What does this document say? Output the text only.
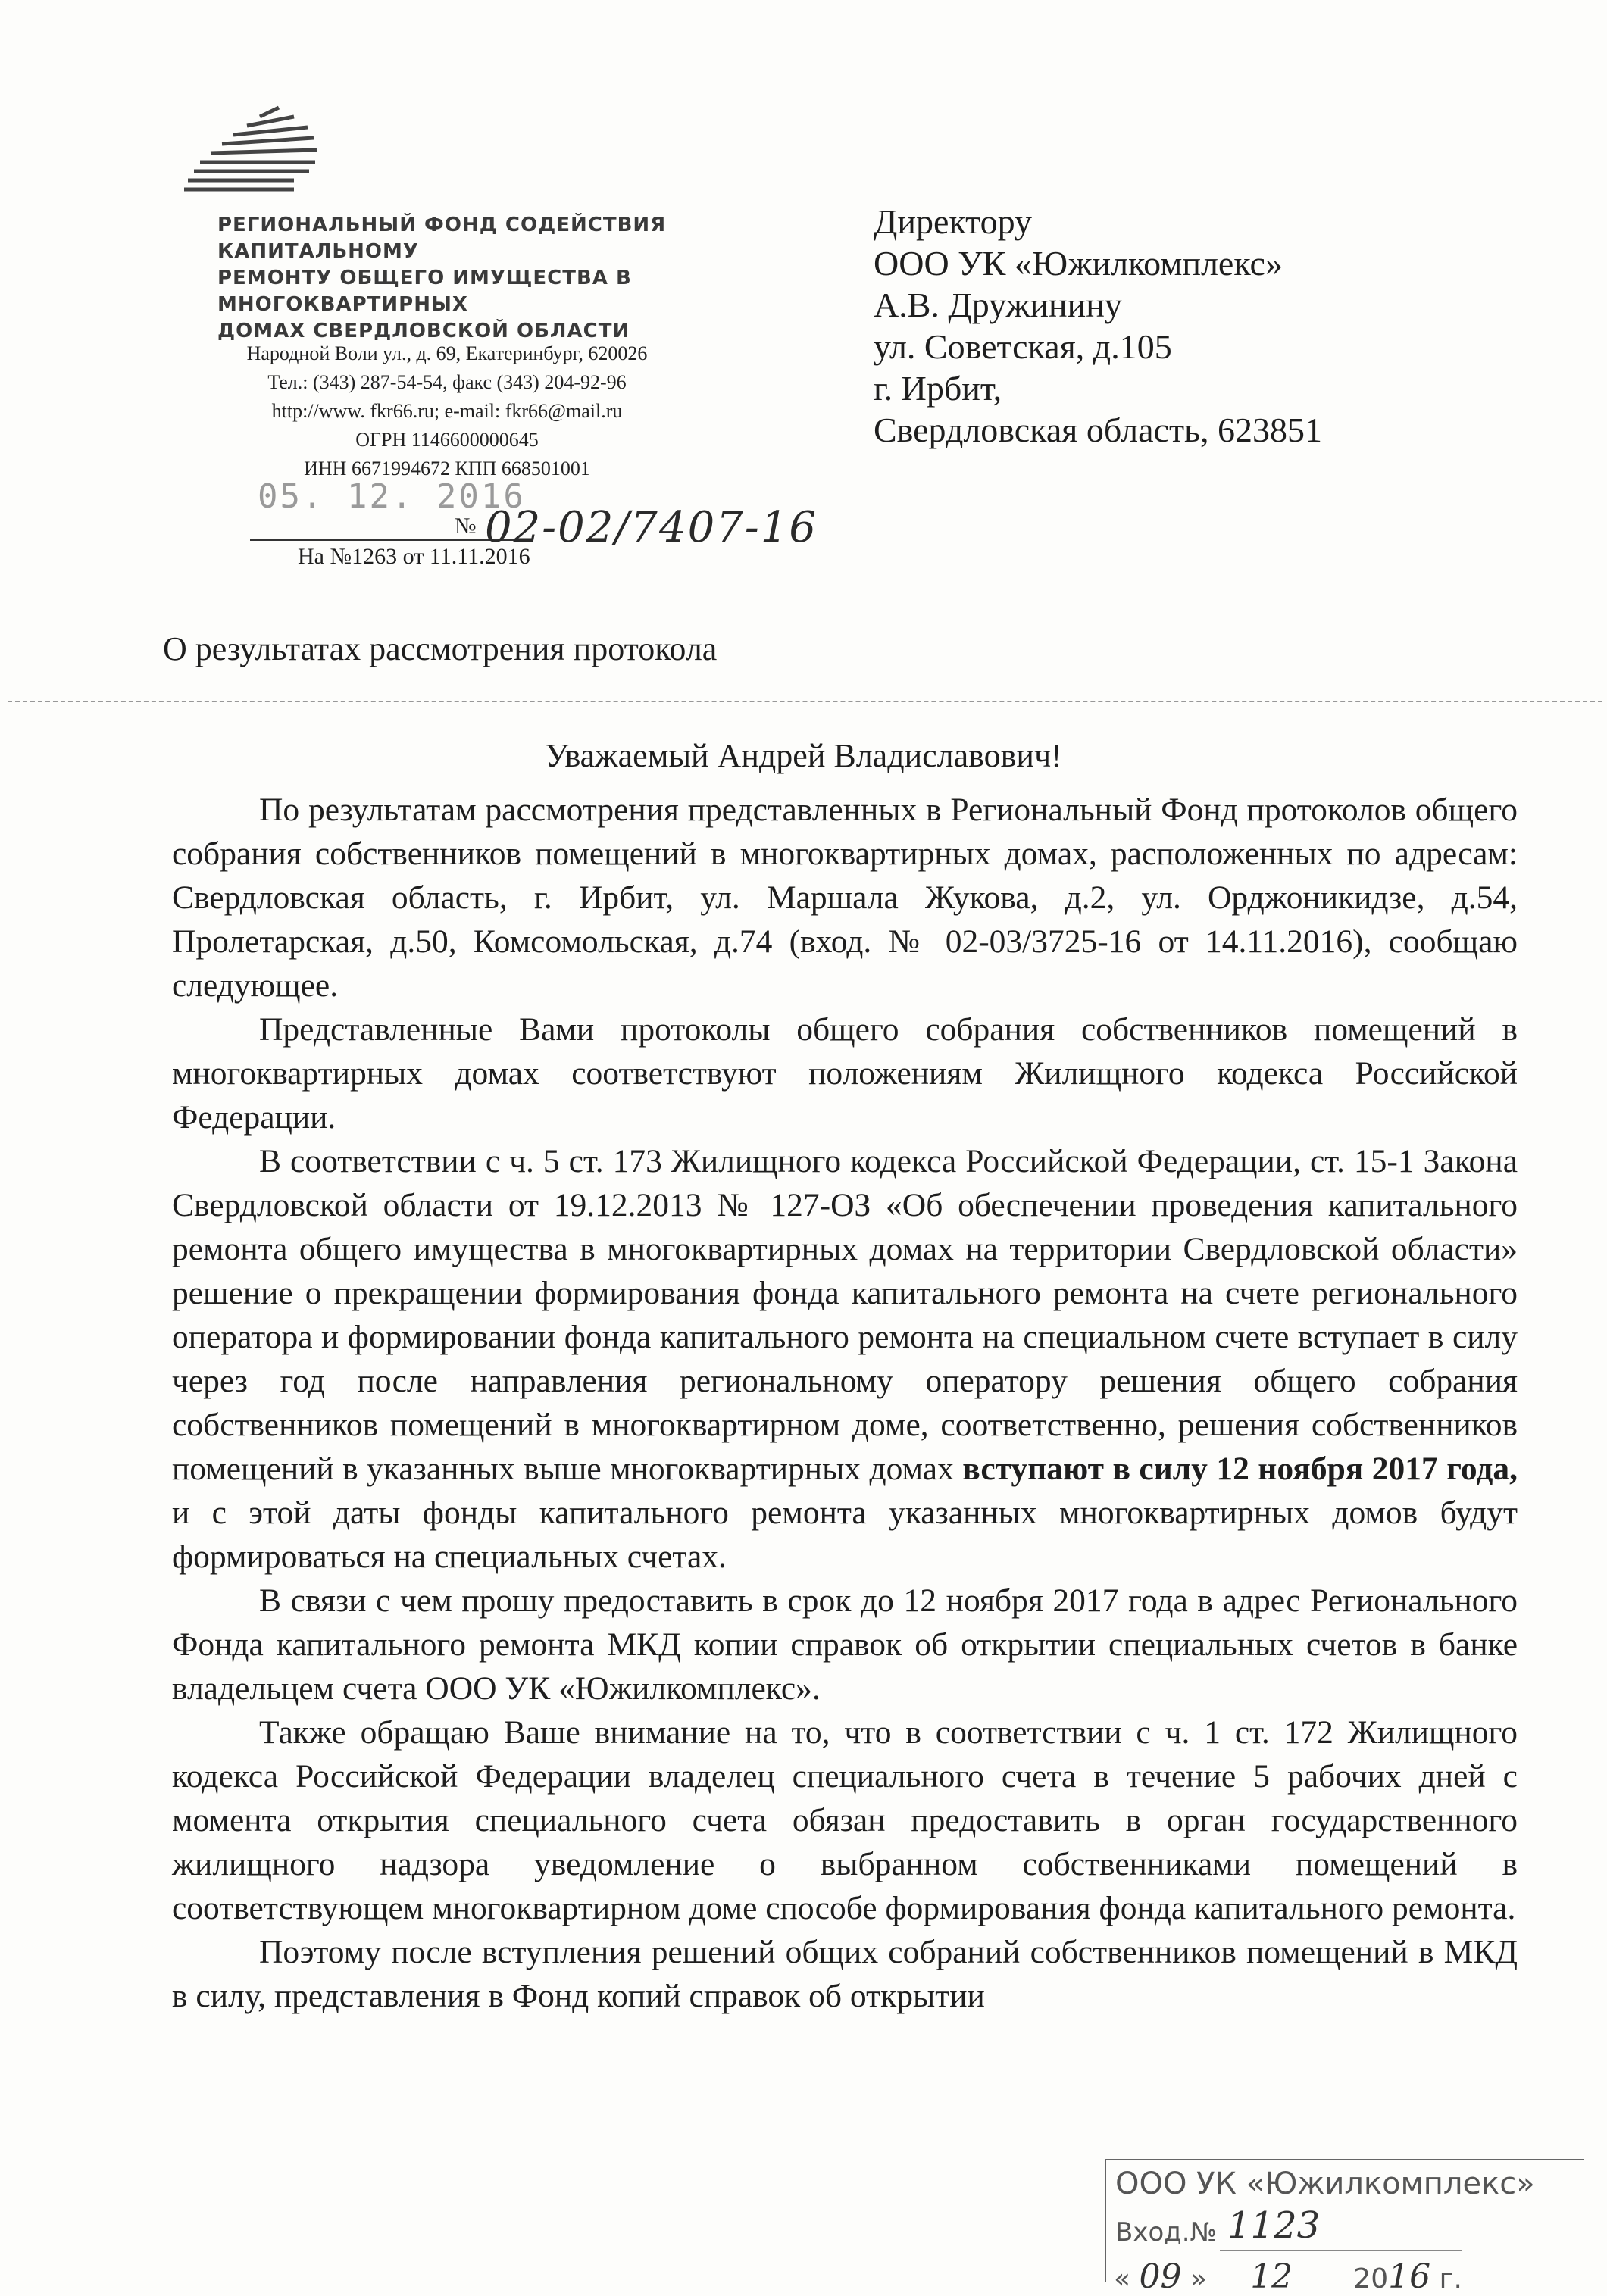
РЕГИОНАЛЬНЫЙ ФОНД СОДЕЙСТВИЯ КАПИТАЛЬНОМУ
РЕМОНТУ ОБЩЕГО ИМУЩЕСТВА В МНОГОКВАРТИРНЫХ
ДОМАХ СВЕРДЛОВСКОЙ ОБЛАСТИ
Народной Воли ул., д. 69, Екатеринбург, 620026
Тел.: (343) 287-54-54, факс (343) 204-92-96
http://www. fkr66.ru; e-mail: fkr66@mail.ru
ОГРН 1146600000645
ИНН 6671994672 КПП 668501001
05. 12. 2016
№ 02-02/7407-16
На №1263 от 11.11.2016
Директору
ООО УК «Южилкомплекс»
А.В. Дружинину
ул. Советская, д.105
г. Ирбит,
Свердловская область, 623851
О результатах рассмотрения протокола
Уважаемый Андрей Владиславович!

По результатам рассмотрения представленных в Региональный Фонд протоколов общего собрания собственников помещений в многоквартирных домах, расположенных по адресам: Свердловская область, г. Ирбит, ул. Маршала Жукова, д.2, ул. Орджоникидзе, д.54, Пролетарская, д.50, Комсомольская, д.74 (вход. № 02-03/3725-16 от 14.11.2016), сообщаю следующее.

Представленные Вами протоколы общего собрания собственников помещений в многоквартирных домах соответствуют положениям Жилищного кодекса Российской Федерации.

В соответствии с ч. 5 ст. 173 Жилищного кодекса Российской Федерации, ст. 15-1 Закона Свердловской области от 19.12.2013 № 127-ОЗ «Об обеспечении проведения капитального ремонта общего имущества в многоквартирных домах на территории Свердловской области» решение о прекращении формирования фонда капитального ремонта на счете регионального оператора и формировании фонда капитального ремонта на специальном счете вступает в силу через год после направления региональному оператору решения общего собрания собственников помещений в многоквартирном доме, соответственно, решения собственников помещений в указанных выше многоквартирных домах вступают в силу 12 ноября 2017 года, и с этой даты фонды капитального ремонта указанных многоквартирных домов будут формироваться на специальных счетах.

В связи с чем прошу предоставить в срок до 12 ноября 2017 года в адрес Регионального Фонда капитального ремонта МКД копии справок об открытии специальных счетов в банке владельцем счета ООО УК «Южилкомплекс».

Также обращаю Ваше внимание на то, что в соответствии с ч. 1 ст. 172 Жилищного кодекса Российской Федерации владелец специального счета в течение 5 рабочих дней с момента открытия специального счета обязан предоставить в орган государственного жилищного надзора уведомление о выбранном собственниками помещений в соответствующем многоквартирном доме способе формирования фонда капитального ремонта.

Поэтому после вступления решений общих собраний собственников помещений в МКД в силу, представления в Фонд копий справок об открытии

ООО УК «Южилкомплекс»
Вход.№ 1123
« 09 » 12 2016 г.
